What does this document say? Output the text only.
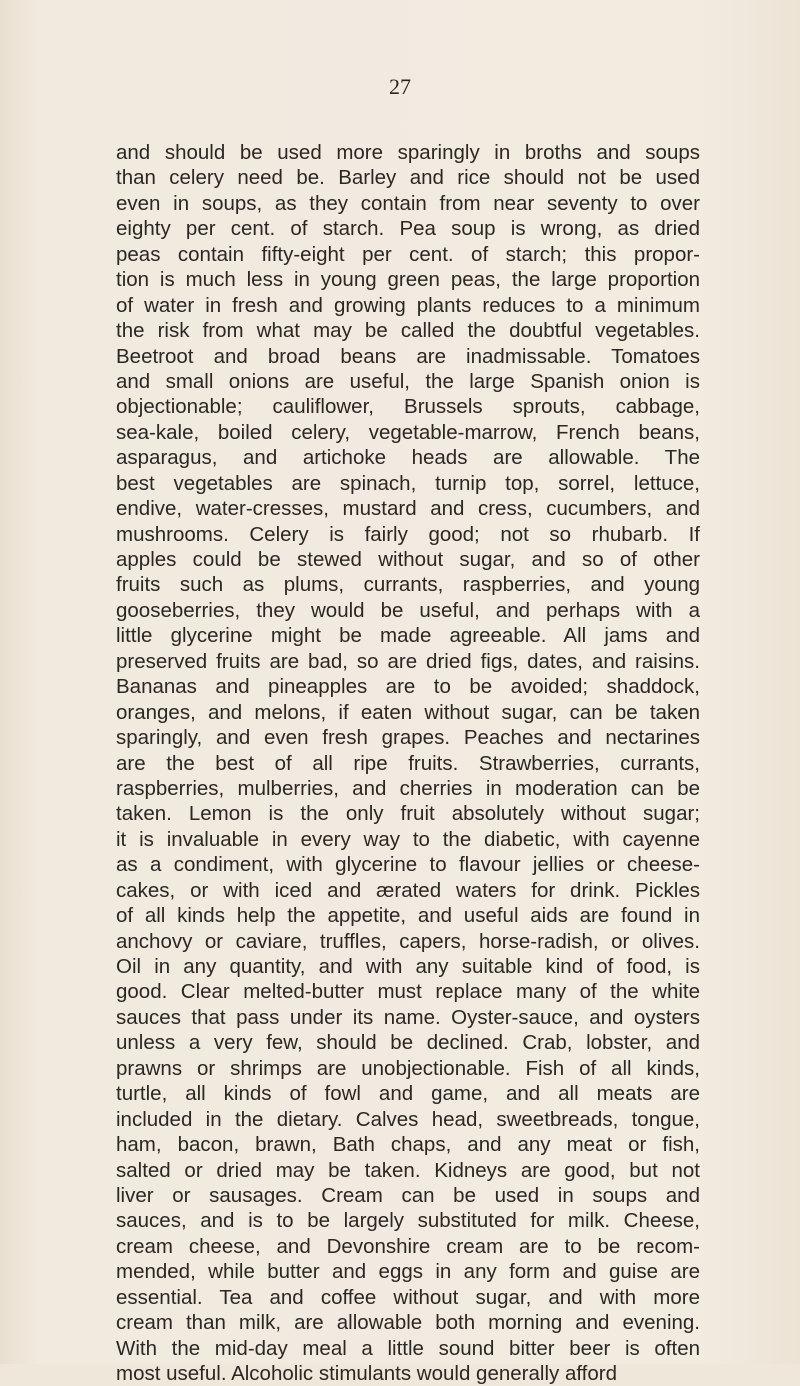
27
and should be used more sparingly in broths and soups
than celery need be. Barley and rice should not be used
even in soups, as they contain from near seventy to over
eighty per cent. of starch. Pea soup is wrong, as dried
peas contain fifty-eight per cent. of starch; this propor-
tion is much less in young green peas, the large proportion
of water in fresh and growing plants reduces to a minimum
the risk from what may be called the doubtful vegetables.
Beetroot and broad beans are inadmissable. Tomatoes
and small onions are useful, the large Spanish onion is
objectionable; cauliflower, Brussels sprouts, cabbage,
sea-kale, boiled celery, vegetable-marrow, French beans,
asparagus, and artichoke heads are allowable. The
best vegetables are spinach, turnip top, sorrel, lettuce,
endive, water-cresses, mustard and cress, cucumbers, and
mushrooms. Celery is fairly good; not so rhubarb. If
apples could be stewed without sugar, and so of other
fruits such as plums, currants, raspberries, and young
gooseberries, they would be useful, and perhaps with a
little glycerine might be made agreeable. All jams and
preserved fruits are bad, so are dried figs, dates, and raisins.
Bananas and pineapples are to be avoided; shaddock,
oranges, and melons, if eaten without sugar, can be taken
sparingly, and even fresh grapes. Peaches and nectarines
are the best of all ripe fruits. Strawberries, currants,
raspberries, mulberries, and cherries in moderation can be
taken. Lemon is the only fruit absolutely without sugar;
it is invaluable in every way to the diabetic, with cayenne
as a condiment, with glycerine to flavour jellies or cheese-
cakes, or with iced and ærated waters for drink. Pickles
of all kinds help the appetite, and useful aids are found in
anchovy or caviare, truffles, capers, horse-radish, or olives.
Oil in any quantity, and with any suitable kind of food, is
good. Clear melted-butter must replace many of the white
sauces that pass under its name. Oyster-sauce, and oysters
unless a very few, should be declined. Crab, lobster, and
prawns or shrimps are unobjectionable. Fish of all kinds,
turtle, all kinds of fowl and game, and all meats are
included in the dietary. Calves head, sweetbreads, tongue,
ham, bacon, brawn, Bath chaps, and any meat or fish,
salted or dried may be taken. Kidneys are good, but not
liver or sausages. Cream can be used in soups and
sauces, and is to be largely substituted for milk. Cheese,
cream cheese, and Devonshire cream are to be recom-
mended, while butter and eggs in any form and guise are
essential. Tea and coffee without sugar, and with more
cream than milk, are allowable both morning and evening.
With the mid-day meal a little sound bitter beer is often
most useful. Alcoholic stimulants would generally afford
